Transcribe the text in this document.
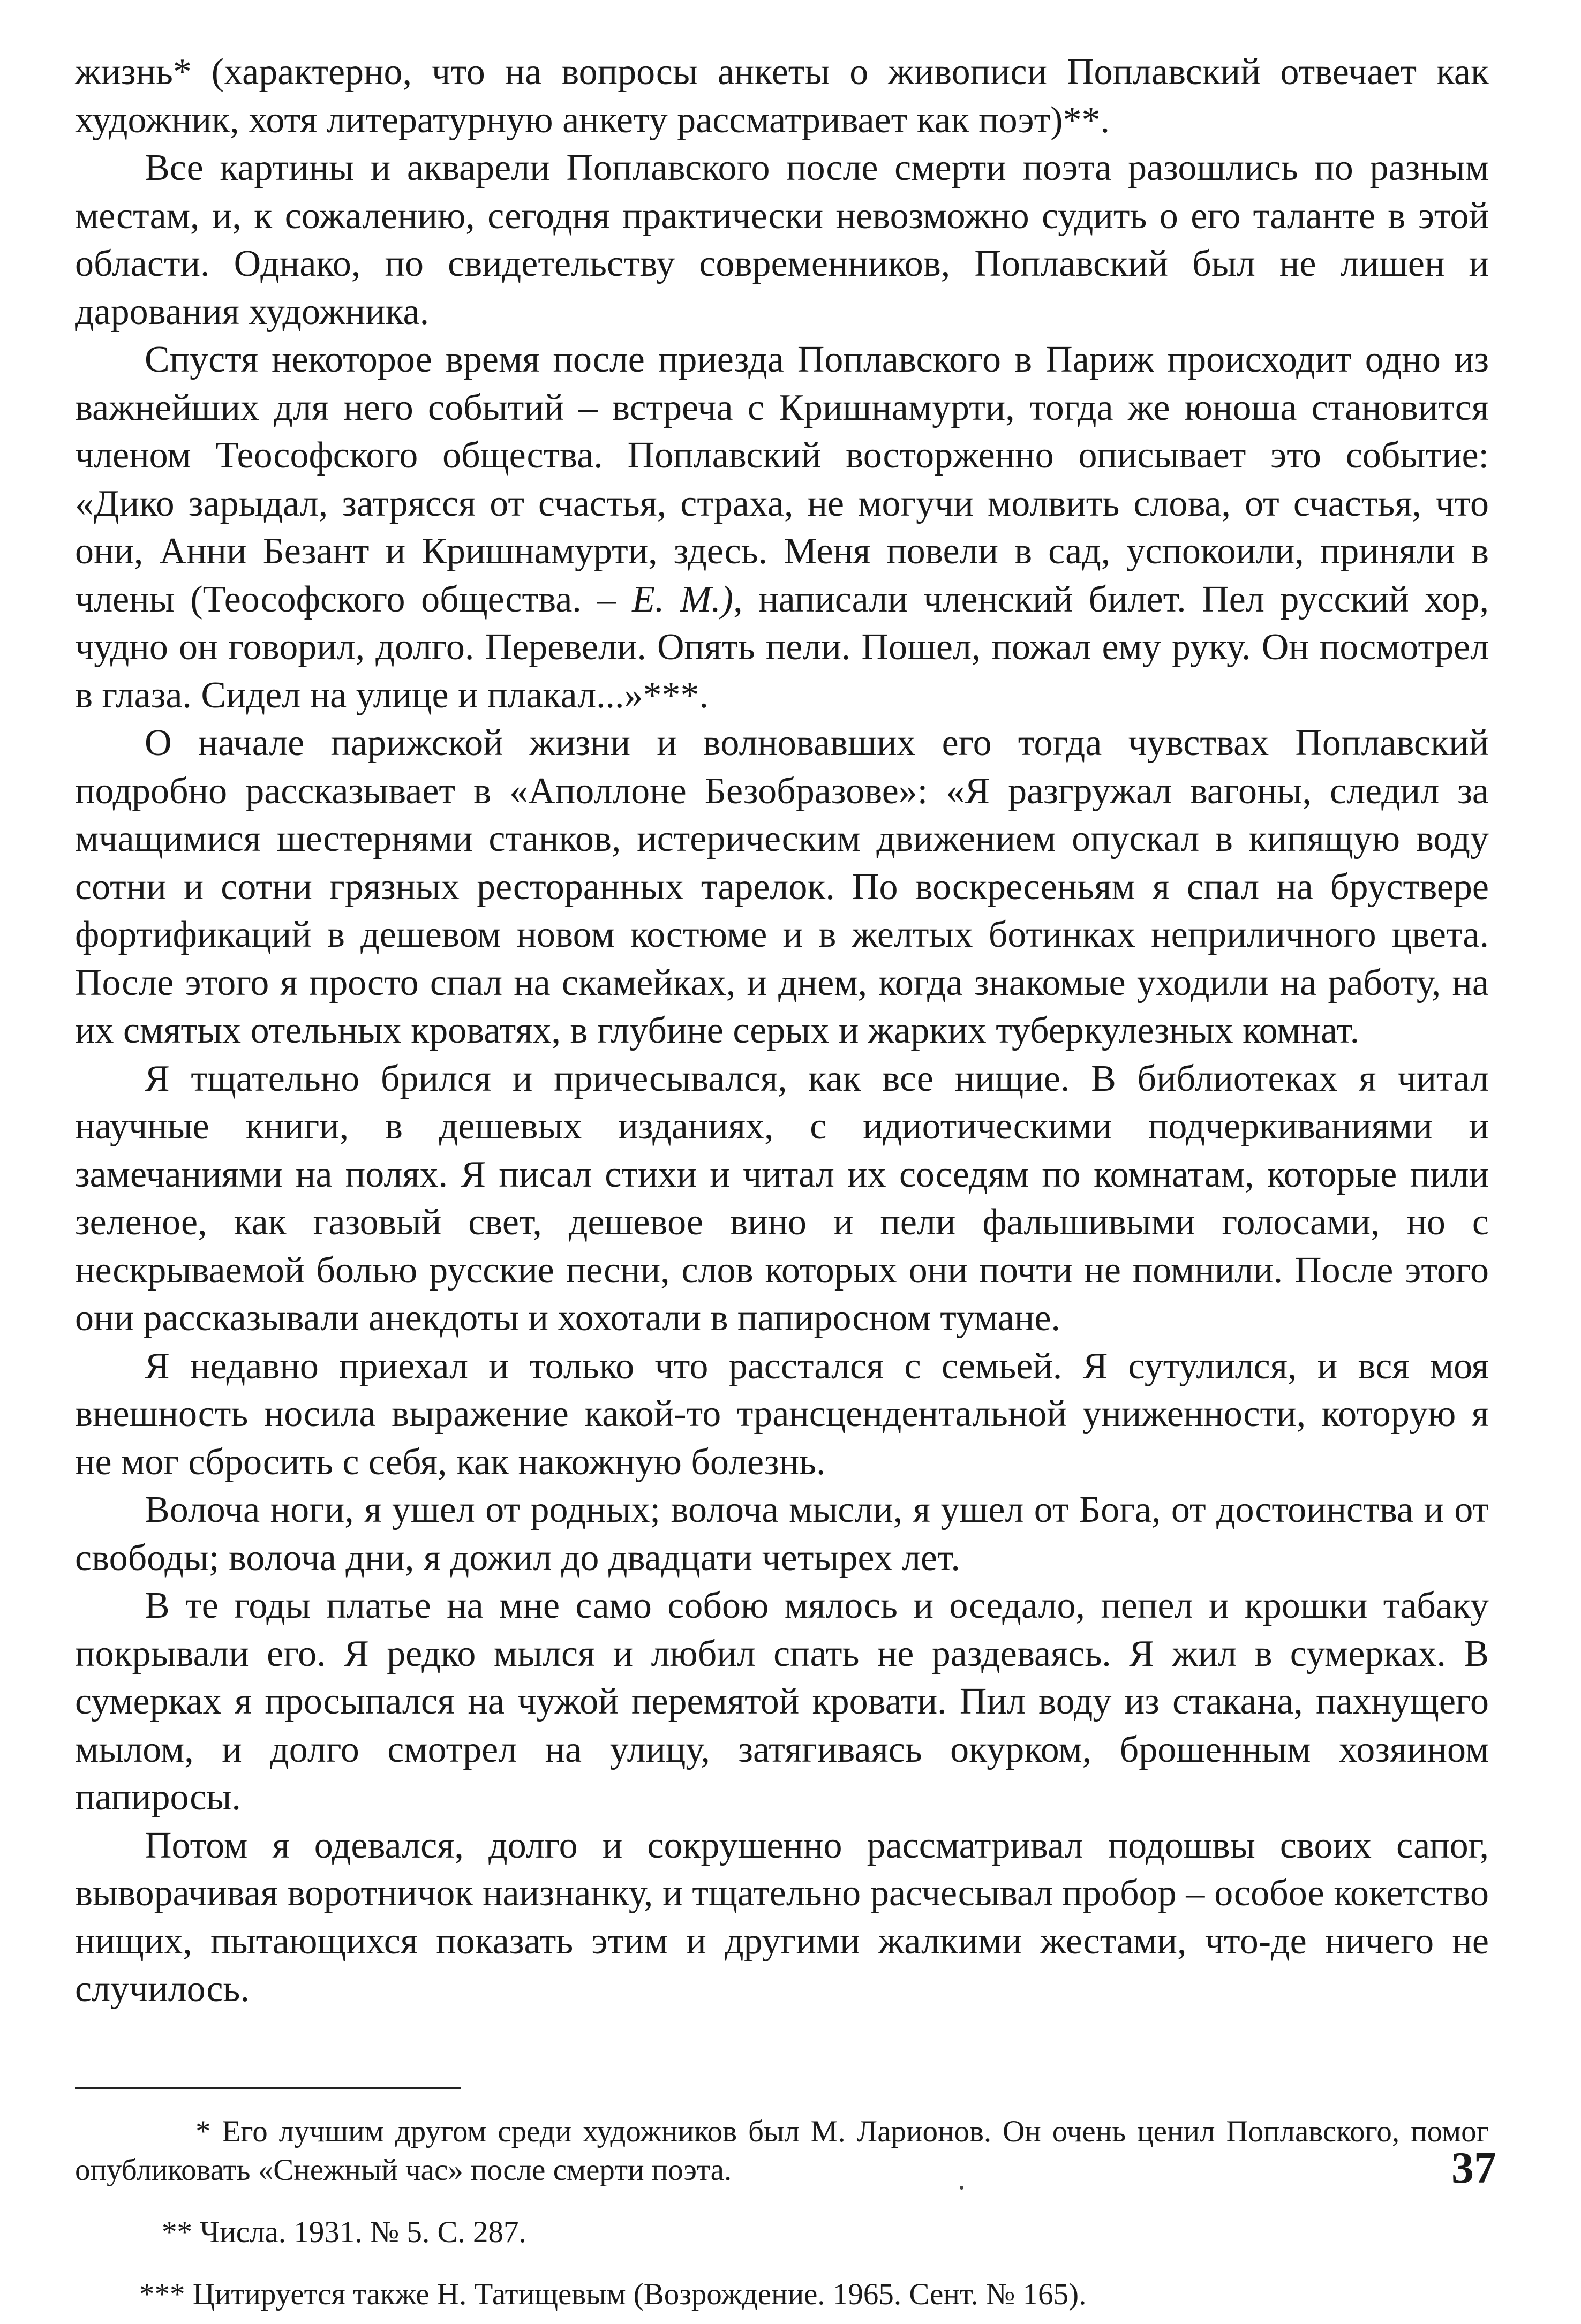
жизнь* (характерно, что на вопросы анкеты о живописи Поплавский отвечает как художник, хотя литературную анкету рассматривает как поэт)**.

Все картины и акварели Поплавского после смерти поэта разошлись по разным местам, и, к сожалению, сегодня практически невозможно судить о его таланте в этой области. Однако, по свидетельству современников, Поплавский был не лишен и дарования художника.

Спустя некоторое время после приезда Поплавского в Париж происходит одно из важнейших для него событий – встреча с Кришнамурти, тогда же юноша становится членом Теософского общества. Поплавский восторженно описывает это событие: «Дико зарыдал, затрясся от счастья, страха, не могучи молвить слова, от счастья, что они, Анни Безант и Кришнамурти, здесь. Меня повели в сад, успокоили, приняли в члены (Теософского общества. – Е. М.), написали членский билет. Пел русский хор, чудно он говорил, долго. Перевели. Опять пели. Пошел, пожал ему руку. Он посмотрел в глаза. Сидел на улице и плакал...»***.

О начале парижской жизни и волновавших его тогда чувствах Поплавский подробно рассказывает в «Аполлоне Безобразове»: «Я разгружал вагоны, следил за мчащимися шестернями станков, истерическим движением опускал в кипящую воду сотни и сотни грязных ресторанных тарелок. По воскресеньям я спал на бруствере фортификаций в дешевом новом костюме и в желтых ботинках неприличного цвета. После этого я просто спал на скамейках, и днем, когда знакомые уходили на работу, на их смятых отельных кроватях, в глубине серых и жарких туберкулезных комнат.

Я тщательно брился и причесывался, как все нищие. В библиотеках я читал научные книги, в дешевых изданиях, с идиотическими подчеркиваниями и замечаниями на полях. Я писал стихи и читал их соседям по комнатам, которые пили зеленое, как газовый свет, дешевое вино и пели фальшивыми голосами, но с нескрываемой болью русские песни, слов которых они почти не помнили. После этого они рассказывали анекдоты и хохотали в папиросном тумане.

Я недавно приехал и только что расстался с семьей. Я сутулился, и вся моя внешность носила выражение какой-то трансцендентальной униженности, которую я не мог сбросить с себя, как накожную болезнь.

Волоча ноги, я ушел от родных; волоча мысли, я ушел от Бога, от достоинства и от свободы; волоча дни, я дожил до двадцати четырех лет.

В те годы платье на мне само собою мялось и оседало, пепел и крошки табаку покрывали его. Я редко мылся и любил спать не раздеваясь. Я жил в сумерках. В сумерках я просыпался на чужой перемятой кровати. Пил воду из стакана, пахнущего мылом, и долго смотрел на улицу, затягиваясь окурком, брошенным хозяином папиросы.

Потом я одевался, долго и сокрушенно рассматривал подошвы своих сапог, выворачивая воротничок наизнанку, и тщательно расчесывал пробор – особое кокетство нищих, пытающихся показать этим и другими жалкими жестами, что-де ничего не случилось.

* Его лучшим другом среди художников был М. Ларионов. Он очень ценил Поплавского, помог опубликовать «Снежный час» после смерти поэта.

** Числа. 1931. № 5. С. 287.

*** Цитируется также Н. Татищевым (Возрождение. 1965. Сент. № 165).

37
